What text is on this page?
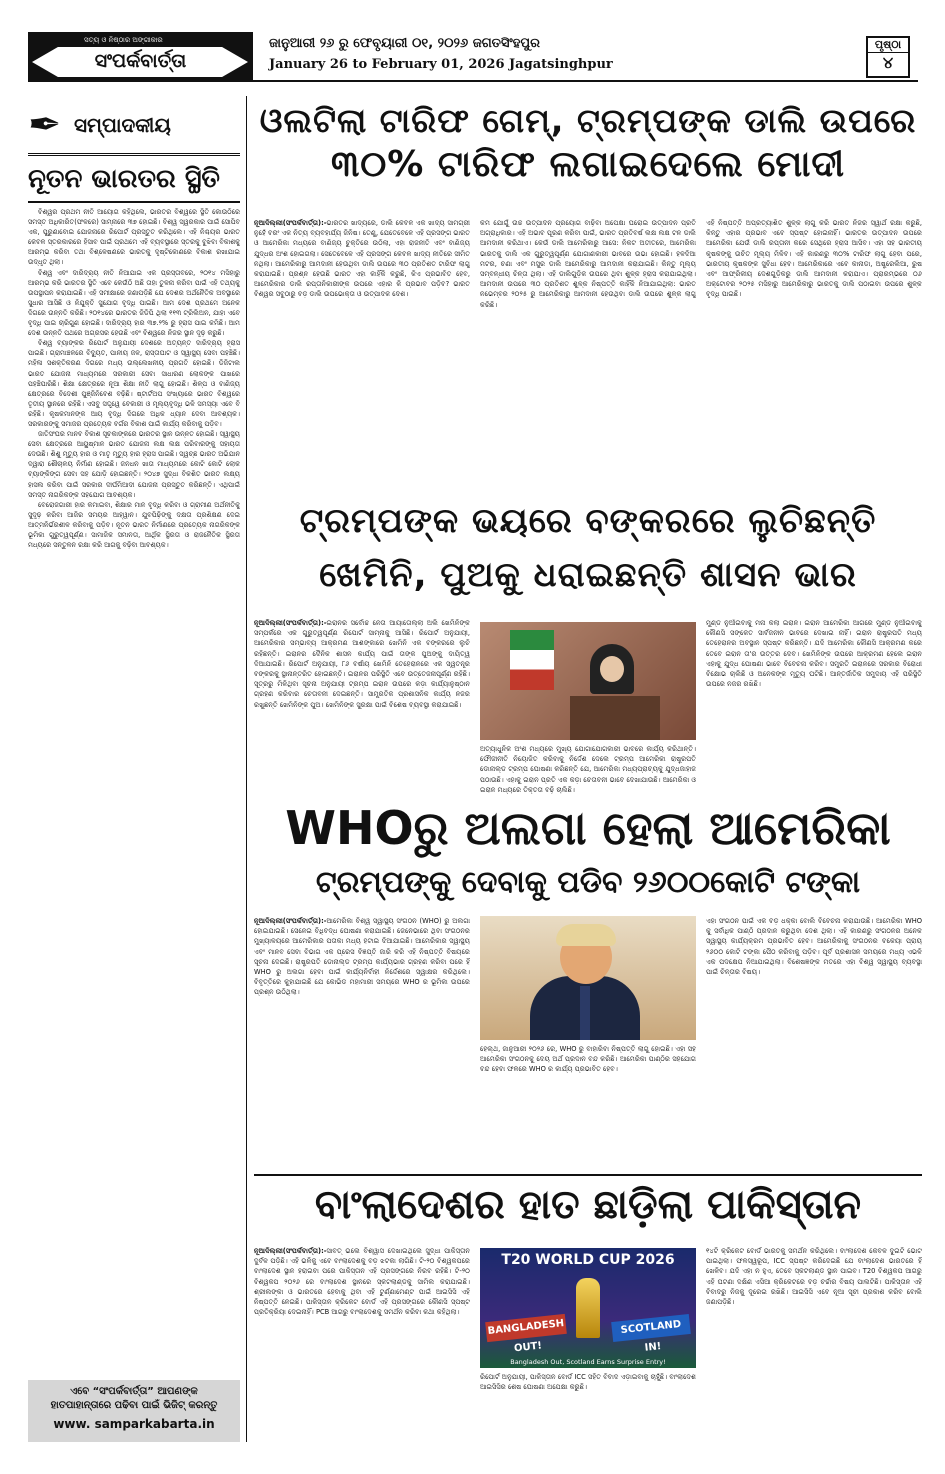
ସତ୍ୟ ଓ ନିଷ୍ଠାର ଅଙ୍ଗୀକାର
ସଂପର୍କବାର୍ତ୍ତା
ଜାନୁଆରୀ ୨୬ ରୁ ଫେବୃୟାରୀ ୦୧, ୨୦୨୬ ଜଗତସିଂହପୁର
January 26 to February 01, 2026 Jagatsinghpur
ପୃଷ୍ଠା
୪
✒ ସମ୍ପାଦକୀୟ
ନୂତନ ଭାରତର ସ୍ଥିତି

ବିଶ୍ୱର ପ୍ରଥମ ନୀତି ଆୟୋଗ କହିଥିଲେ, ଭାରତର ବିଶ୍ୱରେ ସ୍ଥିତି କୋଉଠିରେ ସମସ୍ତ ଅଧିକାରିତ(ଫଳରେ) ସାମ୍ନାରେ ୩୭ ହୋଇଛି। ବିଶ୍ୱ ସ୍ୱରକାର ପାଇଁ ସୋପିବ ଏକ, ପୁରୁଣାବୋଇ ଯୋଜନାରେ ରିପୋର୍ଟ ପ୍ରସ୍ତୁତ କରିଥିଲେ। ଏହି ନିଶ୍ଚୟର ଭାରତ କେବଳ ସ୍ତରକାରରେ ହିସାବ ପାଇଁ ପ୍ରଥମେ ଏହି ବ୍ୟବସ୍ଥାରେ ସ୍ତରକୁ ବୁଝିବା ବିକାଶକୁ ଆରମ୍ଭ କରିବା ତଥା ବିଶ୍ଳେଷଣରେ ଭାରତକୁ ଦୃଷ୍ଟିକୋଣରେ ବିକାଶ ରଖାଯାଇ ଉଦ୍ଧୃତ ଥିଲା।

ବିଶ୍ୱ ଏବଂ ଦାରିଦ୍ର୍ୟ ନୀତି ନିଆଯାଇ ଏକ ପ୍ରସ୍ତାବରେ, ୨୦୧୪ ମସିହାରୁ ଆରମ୍ଭ କରି ଭାରତର ସ୍ଥିତି ଏବେ କେଉଁଠି ଅଛି ତାହା ତୁଳନା କରିବା ପାଇଁ ଏହି ତଥ୍ୟକୁ ଉପସ୍ଥାପନ କରାଯାଇଛି। ଏହି ସମୀକ୍ଷାରେ ଜଣାପଡ଼ିଛି ଯେ ଦେଶର ଅର୍ଥନୈତିକ ଅବସ୍ଥାରେ ସୁଧାର ଆସିଛି ଓ ନିଯୁକ୍ତି ସୁଯୋଗ ବୃଦ୍ଧି ପାଇଛି। ଆମ ଦେଶ ପ୍ରଥମେ ଅନେକ ଦିଗରେ ଉନ୍ନତି କରିଛି। ୨୦୧୪ରେ ଭାରତର ଜିଡିପି ଥିଲା ୧୧୩ ଟ୍ରିଲିଅନ, ଯାହା ଏବେ ବୃଦ୍ଧି ପାଇ ଚାରିଗୁଣ ହୋଇଛି। ଦାରିଦ୍ର୍ୟ ହାର ୩୭.୨% ରୁ ହ୍ରାସ ପାଇ କମିଛି। ଆମ ଦେଶ ଉନ୍ନତି ପଥରେ ଅଗ୍ରସର ହେଉଛି ଏବଂ ବିଶ୍ୱରେ ନିଜର ସ୍ଥାନ ଦୃଢ଼ କରୁଛି।

ବିଶ୍ୱ ବ୍ୟାଙ୍କର ରିପୋର୍ଟ ଅନୁଯାୟୀ ଦେଶରେ ଅତ୍ୟନ୍ତ ଦାରିଦ୍ର୍ୟ ହ୍ରାସ ପାଇଛି। ଗ୍ରାମାଞ୍ଚଳରେ ବିଦ୍ୟୁତ, ପାନୀୟ ଜଳ, ରାସ୍ତାଘାଟ ଓ ସ୍ୱାସ୍ଥ୍ୟ ସେବା ପହଞ୍ଚିଛି। ମହିଳା ସଶକ୍ତିକରଣ ଦିଗରେ ମଧ୍ୟ ଉଲ୍ଲେଖନୀୟ ପ୍ରଗତି ହୋଇଛି। ଡିଜିଟାଲ ଭାରତ ଯୋଜନା ମାଧ୍ୟମରେ ସରକାରୀ ସେବା ସାଧାରଣ ଲୋକଙ୍କ ପାଖରେ ପହଞ୍ଚିପାରିଛି। ଶିକ୍ଷା କ୍ଷେତ୍ରରେ ନୂଆ ଶିକ୍ଷା ନୀତି ଲାଗୁ ହୋଇଛି। ଶିଳ୍ପ ଓ ବାଣିଜ୍ୟ କ୍ଷେତ୍ରରେ ବିଦେଶୀ ପୁଞ୍ଜିନିବେଶ ବଢ଼ିଛି। ଷ୍ଟାର୍ଟଅପ ସଂଖ୍ୟାରେ ଭାରତ ବିଶ୍ୱରେ ତୃତୀୟ ସ୍ଥାନରେ ରହିଛି। ଏସବୁ ସତ୍ତ୍ୱେ ବେକାରୀ ଓ ମୂଲ୍ୟବୃଦ୍ଧି ଭଳି ସମସ୍ୟା ଏବେ ବି ରହିଛି। କୃଷକମାନଙ୍କ ଆୟ ବୃଦ୍ଧି ଦିଗରେ ଅଧିକ ଧ୍ୟାନ ଦେବା ଆବଶ୍ୟକ। ସରକାରଙ୍କୁ ସମାଜର ପ୍ରତ୍ୟେକ ବର୍ଗର ବିକାଶ ପାଇଁ କାର୍ଯ୍ୟ କରିବାକୁ ପଡ଼ିବ।

ଜାତିସଂଘର ମାନବ ବିକାଶ ସୂଚକାଙ୍କରେ ଭାରତର ସ୍ଥାନ ଉନ୍ନତ ହୋଇଛି। ସ୍ୱାସ୍ଥ୍ୟ ସେବା କ୍ଷେତ୍ରରେ ଆୟୁଷ୍ମାନ ଭାରତ ଯୋଜନା ଲକ୍ଷ ଲକ୍ଷ ପରିବାରଙ୍କୁ ସହାୟତା ଦେଉଛି। ଶିଶୁ ମୃତ୍ୟୁ ହାର ଓ ମାତୃ ମୃତ୍ୟୁ ହାର ହ୍ରାସ ପାଇଛି। ସ୍ୱଚ୍ଛ ଭାରତ ଅଭିଯାନ ଦ୍ୱାରା ଶୌଚାଳୟ ନିର୍ମାଣ ହୋଇଛି। ଜନଧନ ଖାତା ମାଧ୍ୟମରେ କୋଟି କୋଟି ଲୋକ ବ୍ୟାଙ୍କିଙ୍ଗ ସେବା ସହ ଯୋଡ଼ି ହୋଇଛନ୍ତି। ୨୦୪୭ ସୁଦ୍ଧା ବିକଶିତ ଭାରତ ଲକ୍ଷ୍ୟ ହାସଲ କରିବା ପାଇଁ ସରକାର ଦୀର୍ଘମିଆଦୀ ଯୋଜନା ପ୍ରସ୍ତୁତ କରିଛନ୍ତି। ଏଥିପାଇଁ ସମସ୍ତ ନାଗରିକଙ୍କ ସହଯୋଗ ଆବଶ୍ୟକ।

ବେରୋଜଗାରୀ ହାର କମାଇବା, ଶିକ୍ଷାର ମାନ ବୃଦ୍ଧି କରିବା ଓ ଗ୍ରାମୀଣ ଅର୍ଥନୀତିକୁ ସୁଦୃଢ଼ କରିବା ଆଜିର ସମୟର ଆହ୍ୱାନ। ଯୁବପିଢ଼ିଙ୍କୁ ଦକ୍ଷତା ପ୍ରଶିକ୍ଷଣ ଦେଇ ଆତ୍ମନିର୍ଭରଶୀଳ କରିବାକୁ ପଡ଼ିବ। ନୂତନ ଭାରତ ନିର୍ମାଣରେ ପ୍ରତ୍ୟେକ ନାଗରିକଙ୍କ ଭୂମିକା ଗୁରୁତ୍ୱପୂର୍ଣ୍ଣ। ସାମାଜିକ ସମାନତା, ଆର୍ଥିକ ସ୍ଥିରତା ଓ ରାଜନୈତିକ ସ୍ଥିରତା ମଧ୍ୟରେ ସନ୍ତୁଳନ ରକ୍ଷା କରି ଆଗକୁ ବଢ଼ିବା ଆବଶ୍ୟକ।

ଏବେ “ସଂପର୍କବାର୍ତ୍ତା” ଆପଣଙ୍କ
ହାତପାହାନ୍ତାରେ ପଢିବା ପାଇଁ ଭିଜିଟ୍ କରନ୍ତୁ
www. samparkabarta.in
ଓଲଟିଲା ଟାରିଫ ଗେମ୍, ଟ୍ରମ୍ପଙ୍କ ଡାଲି ଉପରେ
୩୦% ଟାରିଫ ଲଗାଇଦେଲେ ମୋଦୀ
ନୂଆଦିଲ୍ଲୀ(ସଂପର୍କବାର୍ତ୍ତା):-ଭାରତର ଖାଦ୍ୟରେ, ଡାଲି କେବଳ ଏକ ଖାଦ୍ୟ ସାମଗ୍ରୀ ନୁହେଁ ବରଂ ଏକ ନିତ୍ୟ ବ୍ୟବହାର୍ଯ୍ୟ ଜିନିଷ। ତେଣୁ, ଯେତେବେଳେ ଏହି ପ୍ରସଙ୍ଗ ଭାରତ ଓ ଆମେରିକା ମଧ୍ୟରେ ବାଣିଜ୍ୟ ଚୁକ୍ତିରେ ଉଠିଲା, ଏହା ରାଜନୀତି ଏବଂ ବାଣିଜ୍ୟ ଯୁଦ୍ଧର ଅଂଶ ହୋଇଗଲା। ସେତେବେଳେ ଏହି ପ୍ରସଙ୍ଗ କେବଳ ଖାଦ୍ୟ ନୀତିରେ ସୀମିତ ନଥିଲା। ଆମେରିକାରୁ ଆମଦାନୀ ହେଉଥିବା ଡାଲି ଉପରେ ୩୦ ପ୍ରତିଶତ ଟାରିଫ ଲାଗୁ କରାଯାଇଛି। ପ୍ରଶ୍ନ ହେଉଛି ଭାରତ ଏହା କାହିଁକି କରୁଛି, କିଏ ପ୍ରଭାବିତ ହେବ, ଆମେରିକାର ଡାଲି ରପ୍ତାନିକାରୀଙ୍କ ଉପରେ ଏହାର କି ପ୍ରଭାବ ପଡ଼ିବ? ଭାରତ ବିଶ୍ୱର ସବୁଠାରୁ ବଡ଼ ଡାଲି ଉପଭୋକ୍ତା ଓ ଉତ୍ପାଦକ ଦେଶ।
କମ ଯୋଗୁଁ ଉଚ୍ଚ ଉତ୍ପାଦନ ପ୍ରୟୋଗ ବାଢ଼ିବା ଅପେକ୍ଷା ଘରୋଇ ଉତ୍ପାଦନ ପ୍ରତି ଅଗ୍ରାଧିକାର। ଏହି ଅଭାବ ପୂରଣ କରିବା ପାଇଁ, ଭାରତ ପ୍ରତିବର୍ଷ ଲକ୍ଷ ଲକ୍ଷ ଟନ ଡାଲି ଆମଦାନୀ କରିଥାଏ। କେଉଁ ଡାଲି ଆମେରିକାରୁ ଆସେ: ନିକଟ ଅତୀତରେ, ଆମେରିକା ଭାରତକୁ ଡାଲି ଏକ ଗୁରୁତ୍ୱପୂର୍ଣ୍ଣ ଯୋଗାଣକାରୀ ଭାବରେ ଉଭା ହୋଇଛି। ହଳଦିଆ ମଟର, ଚଣା ଏବଂ ମସୁର ଡାଲି ଆମେରିକାରୁ ଆମଦାନୀ କରାଯାଇଛି। କିନ୍ତୁ ମୂଲ୍ୟ ସମ୍ବନ୍ଧୀୟ ଚିନ୍ତା ଥିଲା। ଏହି ଡାଲିଗୁଡ଼ିକ ଉପରେ ଥିବା ଶୁଳ୍କ ହ୍ରାସ କରାଯାଇଥିଲା। ଆମଦାନୀ ଉପରେ ୩୦ ପ୍ରତିଶତ ଶୁଳ୍କ ନିଷ୍ପତ୍ତି କାହିଁକି ନିଆଯାଇଥିଲା: ଭାରତ ନଭେମ୍ବର ୨୦୨୫ ରୁ ଆମେରିକାରୁ ଆମଦାନୀ ହେଉଥିବା ଡାଲି ଉପରେ ଶୁଳ୍କ ଲାଗୁ କରିଛି।
ଏହି ନିଷ୍ପତ୍ତି ଅପ୍ରତ୍ୟାଶିତ ଶୁଳ୍କ ଲାଗୁ କରି ଭାରତ ନିଜର ସ୍ୱାର୍ଥ ରକ୍ଷା କରୁଛି, କିନ୍ତୁ ଏହାର ପ୍ରଭାବ ଏବେ ସ୍ପଷ୍ଟ ହୋଇନାହିଁ। ଭାରତର ଉତ୍ପାଦନ ଉପରେ ଆମେରିକା ଯେଉଁ ଡାଲି ରପ୍ତାନୀ କରେ ସେଥିରେ ହ୍ରାସ ଆସିବ। ଏହା ସହ ଭାରତୀୟ କୃଷକଙ୍କୁ ଉଚିତ ମୂଲ୍ୟ ମିଳିବ। ଏହି କାରଣରୁ ୩୦% ଟାରିଫ ଲାଗୁ ହେବା ପରେ, ଭାରତୀୟ କୃଷକଙ୍କ ସୁବିଧା ହେବ। ଆମେରିକାରେ ଏବେ କାନାଡା, ଅଷ୍ଟ୍ରେଲିଆ, ରୁଷ ଏବଂ ଆଫ୍ରିକୀୟ ଦେଶଗୁଡ଼ିକରୁ ଡାଲି ଆମଦାନୀ କରାଯାଏ। ପ୍ରାରମ୍ଭରେ ୦୬ ଅକ୍ଟୋବର ୨୦୨୫ ମସିହାରୁ ଆମେରିକାରୁ ଭାରତକୁ ଡାଲି ପଠାଇବା ଉପରେ ଶୁଳ୍କ ବୃଦ୍ଧି ପାଇଛି।
ଟ୍ରମ୍ପଙ୍କ ଭୟରେ ବଙ୍କରରେ ଲୁଚିଛନ୍ତି
ଖେମିନି, ପୁଅକୁ ଧରାଇଛନ୍ତି ଶାସନ ଭାର
ନୂଆଦିଲ୍ଲୀ(ସଂପର୍କବାର୍ତ୍ତା):-ଇରାନର ସର୍ବୋଚ୍ଚ ନେତା ଆୟାତୋଲ୍ଲା ଅଲି ଖେମିନିଙ୍କ ସମ୍ପର୍କରେ ଏକ ଗୁରୁତ୍ୱପୂର୍ଣ୍ଣ ରିପୋର୍ଟ ସାମ୍ନାକୁ ଆସିଛି। ରିପୋର୍ଟ ଅନୁଯାୟୀ, ଆମେରିକାର ସମ୍ଭାବ୍ୟ ଆକ୍ରମଣ ଆଶଙ୍କାରେ ଖେମିନି ଏକ ବଙ୍କରରେ ଲୁଚି ରହିଛନ୍ତି। ଇରାନର ଦୈନିକ ଶାସନ କାର୍ଯ୍ୟ ପାଇଁ ତାଙ୍କ ପୁଅଙ୍କୁ ଦାୟିତ୍ୱ ଦିଆଯାଇଛି। ରିପୋର୍ଟ ଅନୁଯାୟୀ, ୮୬ ବର୍ଷୀୟ ଖେମିନି ତେହେରାନରେ ଏକ ସ୍ୱତନ୍ତ୍ର ବଙ୍କରକୁ ସ୍ଥାନାନ୍ତରିତ ହୋଇଛନ୍ତି। ଇରାନର ପରିସ୍ଥିତି ଏବେ ଉତ୍ତେଜନାପୂର୍ଣ୍ଣ ରହିଛି। ସୂତ୍ରରୁ ମିଳିଥିବା ସୂଚନା ଅନୁଯାୟୀ ଟ୍ରମ୍ପ ଇରାନ ଉପରେ କଡ଼ା କାର୍ଯ୍ୟାନୁଷ୍ଠାନ ଗ୍ରହଣ କରିବାର ଚେତାବନୀ ଦେଇଛନ୍ତି। ସାମ୍ପ୍ରତିକ ପ୍ରଶାସନିକ କାର୍ଯ୍ୟ ନଜର ରଖୁଛନ୍ତି ଖେମିନିଙ୍କ ପୁଅ। ଖେମିନିଙ୍କ ସୁରକ୍ଷା ପାଇଁ ବିଶେଷ ବ୍ୟବସ୍ଥା କରାଯାଇଛି।
ଅତ୍ୟାଧୁନିକ ଅଂଶ ମଧ୍ୟରେ ମୁଖ୍ୟ ଯୋଗାଯୋଗକାରୀ ଭାବରେ କାର୍ଯ୍ୟ କରିଥାନ୍ତି। ଫୌଜୀନୀତି ନିୟୋଜିତ କରିବାକୁ ନିର୍ଦ୍ଦେଶ ଦେଲେ ଟ୍ରମ୍ପ ଆମେରିକା ରାଷ୍ଟ୍ରପତି ଡୋନାଲ୍ଡ ଟ୍ରମ୍ପ ଘୋଷଣା କରିଛନ୍ତି ଯେ, ଆମେରିକା ମଧ୍ୟପ୍ରାଚ୍ୟକୁ ଯୁଦ୍ଧଜାହାଜ ପଠାଉଛି। ଏହାକୁ ଇରାନ ପ୍ରତି ଏକ କଡ଼ା ଚେତାବନୀ ଭାବେ ଦେଖାଯାଉଛି। ଆମେରିକା ଓ ଇରାନ ମଧ୍ୟରେ ତିକ୍ତତା ବଢ଼ି ଚାଲିଛି।
ମୁଣ୍ଡ ନୁଆଁଇବାକୁ ମନା କଲା ଇରାନ। ଇରାନ ଆମେରିକା ଆଗରେ ମୁଣ୍ଡ ନୁଆଁଇବାକୁ କୌଣସି ସଙ୍କେତ ସାର୍ବଜନୀନ ଭାବରେ ଦେଖାଇ ନାହିଁ। ଇରାନ ରାଷ୍ଟ୍ରପତି ମଧ୍ୟ ତେହେରାନର ଅବସ୍ଥାନ ସ୍ପଷ୍ଟ କରିଛନ୍ତି। ଯଦି ଆମେରିକା କୌଣସି ଆକ୍ରମଣ କରେ ତେବେ ଇରାନ ତା'ର ଉତ୍ତର ଦେବ। ଖେମିନିଙ୍କ ଉପରେ ଆକ୍ରମଣ ହେଲେ ଇରାନ ଏହାକୁ ଯୁଦ୍ଧ ଘୋଷଣା ଭାବେ ବିବେଚନା କରିବ। ସମ୍ପ୍ରତି ଇରାନରେ ସରକାର ବିରୋଧୀ ବିକ୍ଷୋଭ ଚାଲିଛି ଓ ଅନେକଙ୍କ ମୃତ୍ୟୁ ଘଟିଛି। ଆନ୍ତର୍ଜାତିକ ସମୁଦାୟ ଏହି ପରିସ୍ଥିତି ଉପରେ ନଜର ରଖିଛି।
WHOରୁ ଅଲଗା ହେଲା ଆମେରିକା
ଟ୍ରମ୍ପଙ୍କୁ ଦେବାକୁ ପଡିବ ୨୬୦୦କୋଟି ଟଙ୍କା
ନୂଆଦିଲ୍ଲୀ(ସଂପର୍କବାର୍ତ୍ତା):-ଆମେରିକା ବିଶ୍ୱ ସ୍ୱାସ୍ଥ୍ୟ ସଂଗଠନ (WHO) ରୁ ଅଲଗା ହୋଇଯାଇଛି। ସେନେଇ ବିଧିବଦ୍ଧ ଘୋଷଣା କରାଯାଇଛି। ଜେନେଭାରେ ଥିବା ସଂଗଠନର ମୁଖ୍ୟାଳୟରେ ଆମେରିକାର ପତାକା ମଧ୍ୟ ହଟାଇ ଦିଆଯାଇଛି। ଆମେରିକାର ସ୍ୱାସ୍ଥ୍ୟ ଏବଂ ମାନବ ସେବା ବିଭାଗ ଏକ ପ୍ରେସ ବିଜ୍ଞପ୍ତି ଜାରି କରି ଏହି ନିଷ୍ପତ୍ତି ବିଷୟରେ ସୂଚନା ଦେଇଛି। ରାଷ୍ଟ୍ରପତି ଡୋନାଲ୍ଡ ଟ୍ରମ୍ପ କାର୍ଯ୍ୟଭାର ଗ୍ରହଣ କରିବା ପରେ ହିଁ WHO ରୁ ଅଲଗା ହେବା ପାଇଁ କାର୍ଯ୍ୟନିର୍ବାହୀ ନିର୍ଦ୍ଦେଶରେ ସ୍ୱାକ୍ଷର କରିଥିଲେ। ବିବୃତ୍ତିରେ କୁହାଯାଇଛି ଯେ କୋଭିଡ ମହାମାରୀ ସମୟରେ WHO ର ଭୂମିକା ଉପରେ ପ୍ରଶ୍ନ ଉଠିଥିଲା।
ହେଲ୍ଥ, ଜାନୁଆରୀ ୨୦୨୬ ରେ, WHO ରୁ ବାହାରିବା ନିଷ୍ପତ୍ତି ଲାଗୁ ହୋଇଛି। ଏହା ସହ ଆମେରିକା ସଂଗଠନକୁ ଦେୟ ଅର୍ଥ ପ୍ରଦାନ ବନ୍ଦ କରିଛି। ଆମେରିକା ପାଣ୍ଠିର ସହଯୋଗ ବନ୍ଦ ହେବା ଫଳରେ WHO ର କାର୍ଯ୍ୟ ପ୍ରଭାବିତ ହେବ।
ଏହା ସଂଗଠନ ପାଇଁ ଏକ ବଡ଼ ଧକ୍କା ବୋଲି ବିବେଚନା କରାଯାଉଛି। ଆମେରିକା WHO କୁ ସର୍ବାଧିକ ପାଣ୍ଠି ପ୍ରଦାନ କରୁଥିବା ଦେଶ ଥିଲା। ଏହି କାରଣରୁ ସଂଗଠନର ଅନେକ ସ୍ୱାସ୍ଥ୍ୟ କାର୍ଯ୍ୟକ୍ରମ ପ୍ରଭାବିତ ହେବ। ଆମେରିକାକୁ ସଂଗଠନର ବକେୟା ପ୍ରାୟ ୨୬୦୦ କୋଟି ଟଙ୍କା ପୈଠ କରିବାକୁ ପଡ଼ିବ। ପୂର୍ବ ପ୍ରଶାସନ ସମୟରେ ମଧ୍ୟ ଏଭଳି ଏକ ପଦକ୍ଷେପ ନିଆଯାଇଥିଲା। ବିଶେଷଜ୍ଞଙ୍କ ମତରେ ଏହା ବିଶ୍ୱ ସ୍ୱାସ୍ଥ୍ୟ ବ୍ୟବସ୍ଥା ପାଇଁ ଚିନ୍ତାର ବିଷୟ।
ବାଂଲାଦେଶର ହାତ ଛାଡ଼ିଲା ପାକିସ୍ତାନ
ନୂଆଦିଲ୍ଲୀ(ସଂପର୍କବାର୍ତ୍ତା):-ସାବତ୍ ଭଲେ ବିଶ୍ୱାସ ଦେଖାଇଥିଲେ ସୁଦ୍ଧା ପାକିସ୍ତାନ ଦୁର୍ବଳ ପଡ଼ିଛି। ଏହି ଭଳିକୁ ଏବେ ବାଂଲାଦେଶକୁ ବଡ଼ ଝଟକା ଲାଗିଛି। ଟି-୨୦ ବିଶ୍ୱକପରେ ବାଂଲାଦେଶ ସ୍ଥାନ ହରାଇବା ପରେ ପାକିସ୍ତାନ ଏହି ପ୍ରସଙ୍ଗରେ ନିରବ ରହିଛି। ଟି-୨୦ ବିଶ୍ୱକପ ୨୦୨୬ ରେ ବାଂଲାଦେଶ ସ୍ଥାନରେ ସ୍କଟଲାଣ୍ଡକୁ ସାମିଲ କରାଯାଇଛି। ଶ୍ରୀଲଙ୍କା ଓ ଭାରତରେ ହେବାକୁ ଥିବା ଏହି ଟୁର୍ଣ୍ଣାମେଣ୍ଟ ପାଇଁ ଆଇସିସି ଏହି ନିଷ୍ପତ୍ତି ନେଇଛି। ପାକିସ୍ତାନ କ୍ରିକେଟ ବୋର୍ଡ ଏହି ପ୍ରସଙ୍ଗରେ କୌଣସି ସ୍ପଷ୍ଟ ପ୍ରତିକ୍ରିୟା ଦେଇନାହିଁ। PCB ଆଗରୁ ବାଂଲାଦେଶକୁ ସମର୍ଥନ କରିବା କଥା କହିଥିଲା।
T20 WORLD CUP 2026
BANGLADESH OUT!
SCOTLAND IN!
Bangladesh Out, Scotland Earns Surprise Entry!
ରିପୋର୍ଟ ଅନୁଯାୟୀ, ପାକିସ୍ତାନ ବୋର୍ଡ ICC ସହିତ ବିବାଦ ଏଡ଼ାଇବାକୁ ଚାହୁଁଛି। ବାଂଲାଦେଶ ଆଇସିସିର ଶେଷ ଘୋଷଣା ଅପେକ୍ଷା କରୁଛି।
୧୪ଟି କ୍ରିକେଟ ବୋର୍ଡ ଭାରତକୁ ସମର୍ଥନ କରିଥିଲେ। ବାଂଲାଦେଶ କେବଳ ଦୁଇଟି ଭୋଟ ପାଇଥିଲା। ଫଳସ୍ୱରୂପ, ICC ସ୍ପଷ୍ଟ କରିଦେଇଛି ଯେ ବାଂଲାଦେଶ ଭାରତରେ ହିଁ ଖେଳିବ। ଯଦି ଏହା ନ ହୁଏ, ତେବେ ସ୍କଟଲାଣ୍ଡ ସ୍ଥାନ ପାଇବ। T20 ବିଶ୍ୱକପ ଆଗରୁ ଏହି ଘଟଣା ଦକ୍ଷିଣ ଏସିଆ କ୍ରିକେଟରେ ବଡ଼ ଚର୍ଚ୍ଚାର ବିଷୟ ପାଲଟିଛି। ପାକିସ୍ତାନ ଏହି ବିବାଦରୁ ନିଜକୁ ଦୂରେଇ ରଖିଛି। ଆଇସିସି ଏବେ ନୂଆ ସୂଚୀ ପ୍ରକାଶ କରିବ ବୋଲି ଜଣାପଡ଼ିଛି।
